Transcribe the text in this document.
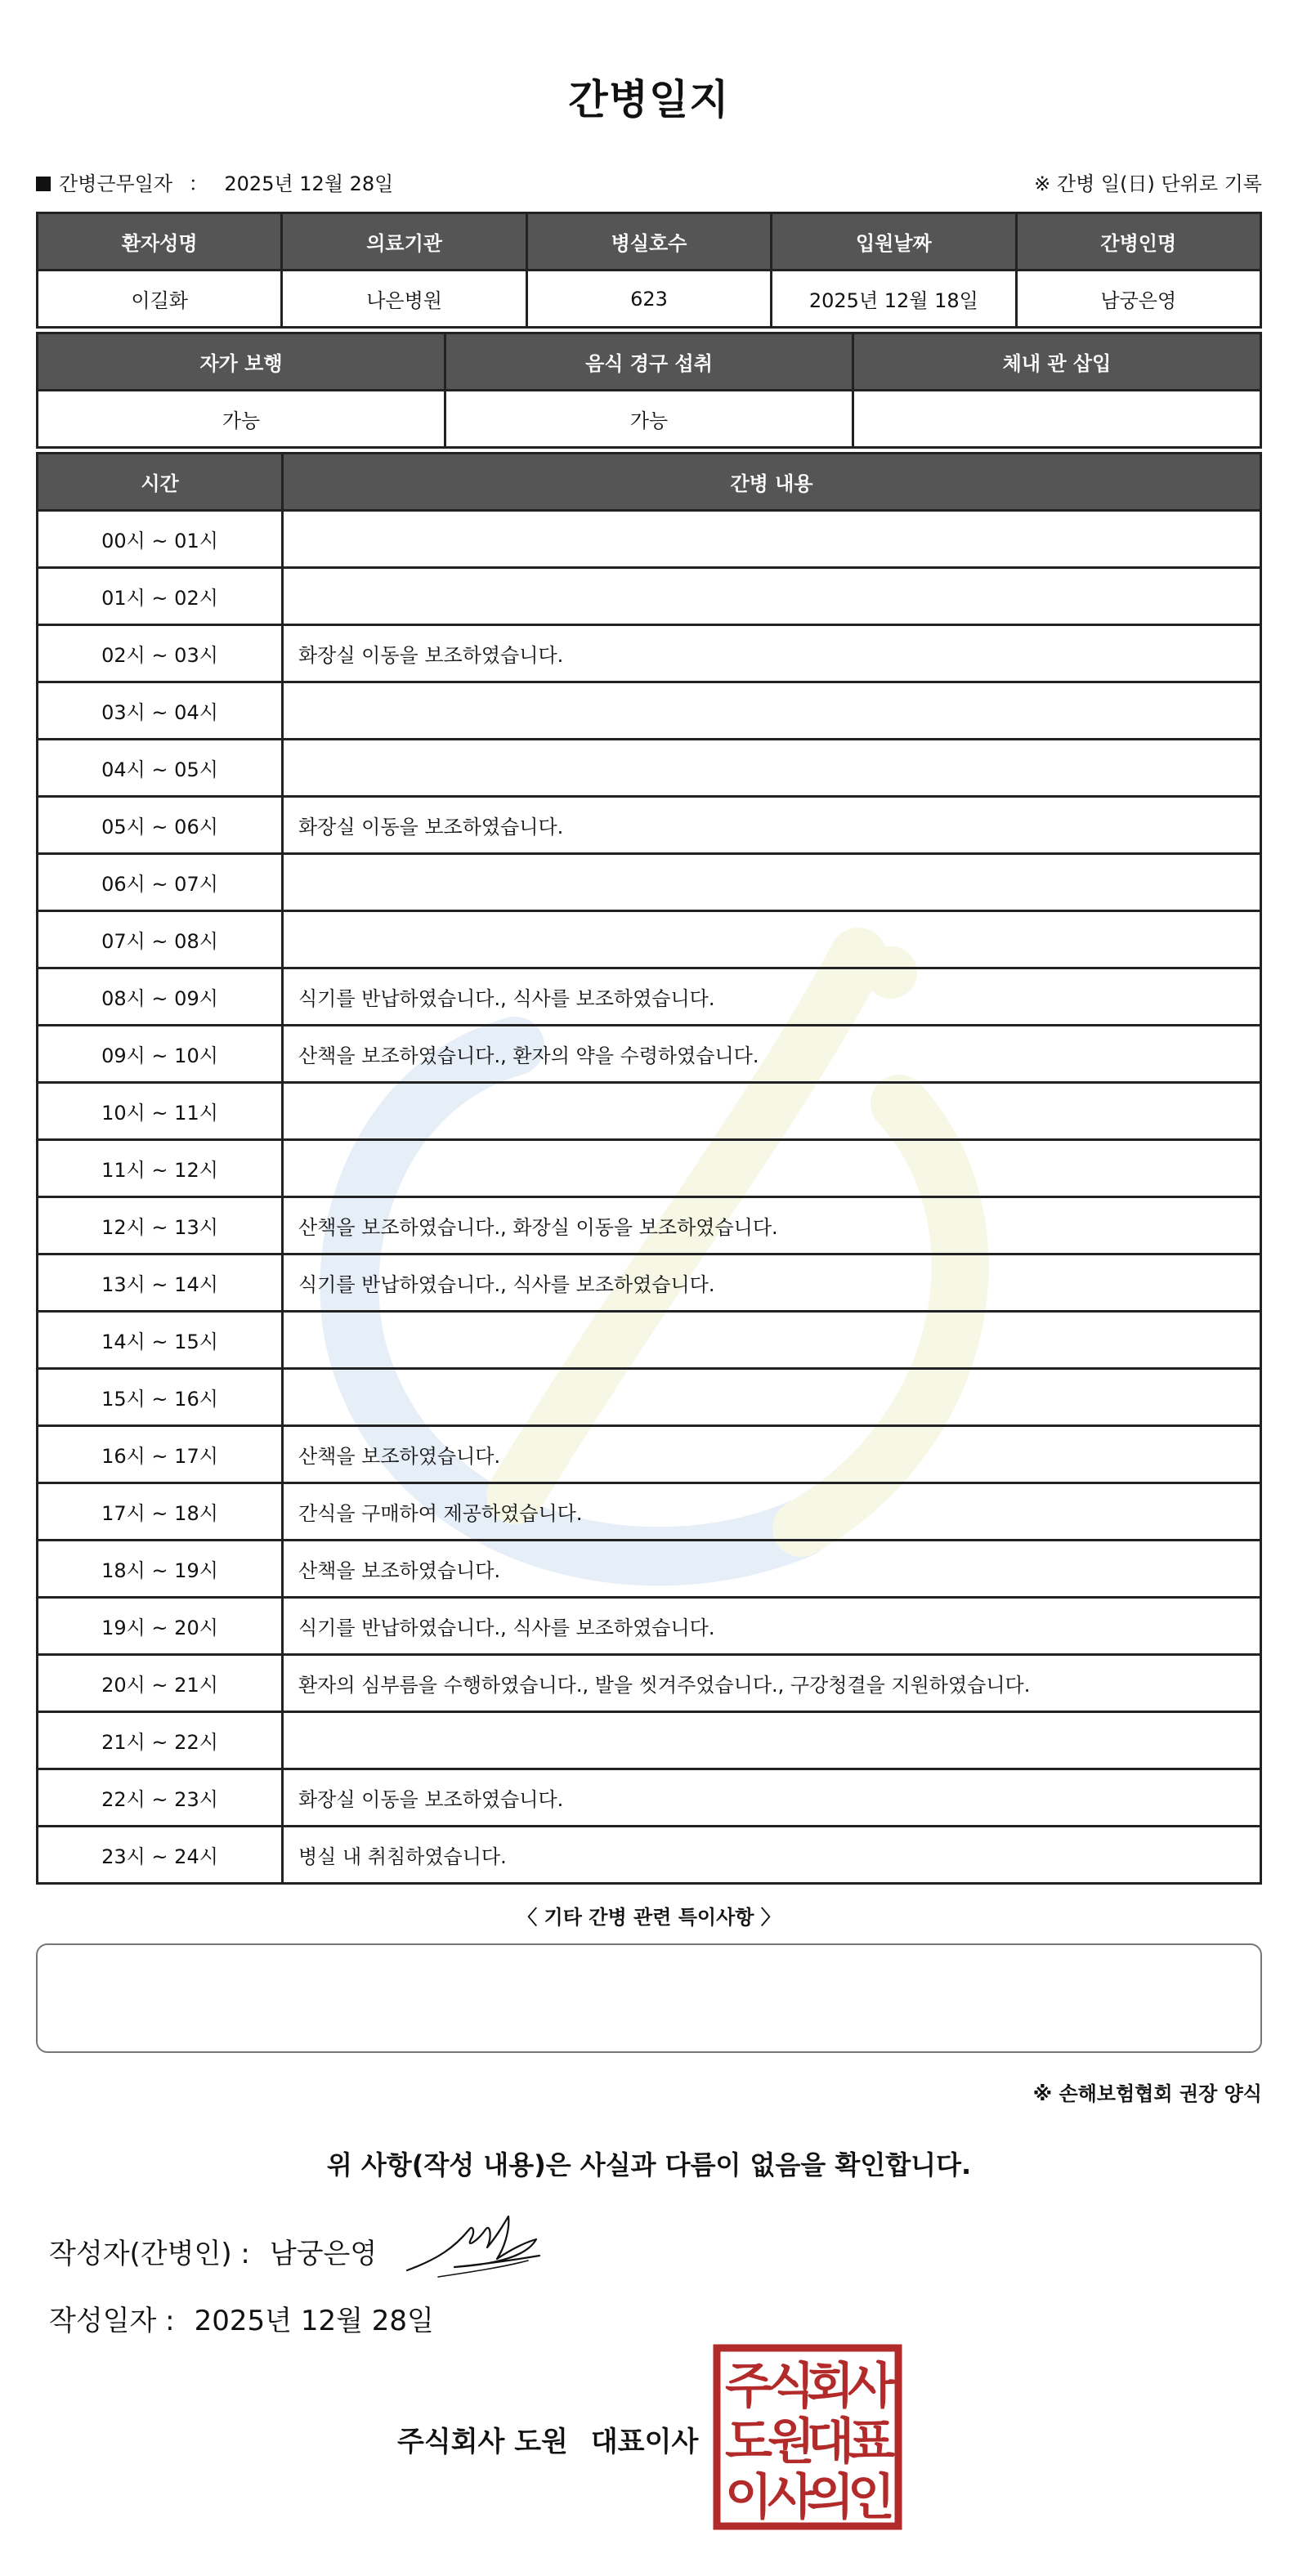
간병일지
간병근무일자 ： 2025년 12월 28일	※ 간병 일(日) 단위로 기록
환자성명	의료기관	병실호수	입원날짜	간병인명
이길화	나은병원	623	2025년 12월 18일	남궁은영
자가 보행	음식 경구 섭취	체내 관 삽입
가능	가능	
시간	간병 내용
00시 ~ 01시	
01시 ~ 02시	
02시 ~ 03시	화장실 이동을 보조하였습니다.
03시 ~ 04시	
04시 ~ 05시	
05시 ~ 06시	화장실 이동을 보조하였습니다.
06시 ~ 07시	
07시 ~ 08시	
08시 ~ 09시	식기를 반납하였습니다., 식사를 보조하였습니다.
09시 ~ 10시	산책을 보조하였습니다., 환자의 약을 수령하였습니다.
10시 ~ 11시	
11시 ~ 12시	
12시 ~ 13시	산책을 보조하였습니다., 화장실 이동을 보조하였습니다.
13시 ~ 14시	식기를 반납하였습니다., 식사를 보조하였습니다.
14시 ~ 15시	
15시 ~ 16시	
16시 ~ 17시	산책을 보조하였습니다.
17시 ~ 18시	간식을 구매하여 제공하였습니다.
18시 ~ 19시	산책을 보조하였습니다.
19시 ~ 20시	식기를 반납하였습니다., 식사를 보조하였습니다.
20시 ~ 21시	환자의 심부름을 수행하였습니다., 발을 씻겨주었습니다., 구강청결을 지원하였습니다.
21시 ~ 22시	
22시 ~ 23시	화장실 이동을 보조하였습니다.
23시 ~ 24시	병실 내 취침하였습니다.
〈 기타 간병 관련 특이사항 〉
※ 손해보험협회 권장 양식
위 사항(작성 내용)은 사실과 다름이 없음을 확인합니다.
작성자(간병인) : 남궁은영
작성일자 : 2025년 12월 28일
주식회사 도원 대표이사
주
식
회
사
도
원
대
표
이
사
의
인
